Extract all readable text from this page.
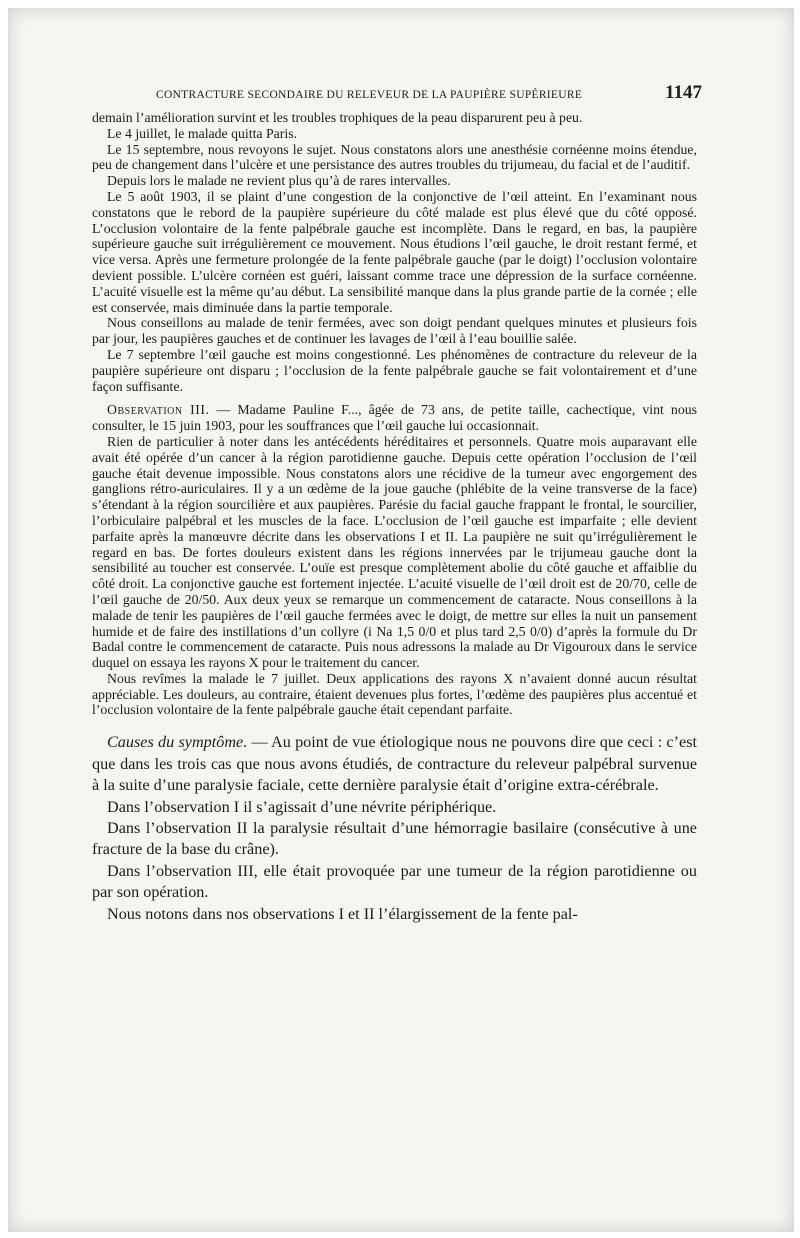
CONTRACTURE SECONDAIRE DU RELEVEUR DE LA PAUPIÈRE SUPÉRIEURE	1147

demain l’amélioration survint et les troubles trophiques de la peau disparurent peu à peu.

Le 4 juillet, le malade quitta Paris.

Le 15 septembre, nous revoyons le sujet. Nous constatons alors une anesthésie cornéenne moins étendue, peu de changement dans l’ulcère et une persistance des autres troubles du trijumeau, du facial et de l’auditif.

Depuis lors le malade ne revient plus qu’à de rares intervalles.

Le 5 août 1903, il se plaint d’une congestion de la conjonctive de l’œil atteint. En l’examinant nous constatons que le rebord de la paupière supérieure du côté malade est plus élevé que du côté opposé. L’occlusion volontaire de la fente palpébrale gauche est incomplète. Dans le regard, en bas, la paupière supérieure gauche suit irrégulièrement ce mouvement. Nous étudions l’œil gauche, le droit restant fermé, et vice versa. Après une fermeture prolongée de la fente palpébrale gauche (par le doigt) l’occlusion volontaire devient possible. L’ulcère cornéen est guéri, laissant comme trace une dépression de la surface cornéenne. L’acuité visuelle est la même qu’au début. La sensibilité manque dans la plus grande partie de la cornée ; elle est conservée, mais diminuée dans la partie temporale.

Nous conseillons au malade de tenir fermées, avec son doigt pendant quelques minutes et plusieurs fois par jour, les paupières gauches et de continuer les lavages de l’œil à l’eau bouillie salée.

Le 7 septembre l’œil gauche est moins congestionné. Les phénomènes de contracture du releveur de la paupière supérieure ont disparu ; l’occlusion de la fente palpébrale gauche se fait volontairement et d’une façon suffisante.

Observation III. — Madame Pauline F..., âgée de 73 ans, de petite taille, cachectique, vint nous consulter, le 15 juin 1903, pour les souffrances que l’œil gauche lui occasionnait.

Rien de particulier à noter dans les antécédents héréditaires et personnels. Quatre mois auparavant elle avait été opérée d’un cancer à la région parotidienne gauche. Depuis cette opération l’occlusion de l’œil gauche était devenue impossible. Nous constatons alors une récidive de la tumeur avec engorgement des ganglions rétro-auriculaires. Il y a un œdème de la joue gauche (phlébite de la veine transverse de la face) s’étendant à la région sourcilière et aux paupières. Parésie du facial gauche frappant le frontal, le sourcilier, l’orbiculaire palpébral et les muscles de la face. L’occlusion de l’œil gauche est imparfaite ; elle devient parfaite après la manœuvre décrite dans les observations I et II. La paupière ne suit qu’irrégulièrement le regard en bas. De fortes douleurs existent dans les régions innervées par le trijumeau gauche dont la sensibilité au toucher est conservée. L’ouïe est presque complètement abolie du côté gauche et affaiblie du côté droit. La conjonctive gauche est fortement injectée. L’acuité visuelle de l’œil droit est de 20/70, celle de l’œil gauche de 20/50. Aux deux yeux se remarque un commencement de cataracte. Nous conseillons à la malade de tenir les paupières de l’œil gauche fermées avec le doigt, de mettre sur elles la nuit un pansement humide et de faire des instillations d’un collyre (i Na 1,5 0/0 et plus tard 2,5 0/0) d’après la formule du Dr Badal contre le commencement de cataracte. Puis nous adressons la malade au Dr Vigouroux dans le service duquel on essaya les rayons X pour le traitement du cancer.

Nous revîmes la malade le 7 juillet. Deux applications des rayons X n’avaient donné aucun résultat appréciable. Les douleurs, au contraire, étaient devenues plus fortes, l’œdème des paupières plus accentué et l’occlusion volontaire de la fente palpébrale gauche était cependant parfaite.

Causes du symptôme. — Au point de vue étiologique nous ne pouvons dire que ceci : c’est que dans les trois cas que nous avons étudiés, de contracture du releveur palpébral survenue à la suite d’une paralysie faciale, cette dernière paralysie était d’origine extra-cérébrale.

Dans l’observation I il s’agissait d’une névrite périphérique.

Dans l’observation II la paralysie résultait d’une hémorragie basilaire (consécutive à une fracture de la base du crâne).

Dans l’observation III, elle était provoquée par une tumeur de la région parotidienne ou par son opération.

Nous notons dans nos observations I et II l’élargissement de la fente pal-
